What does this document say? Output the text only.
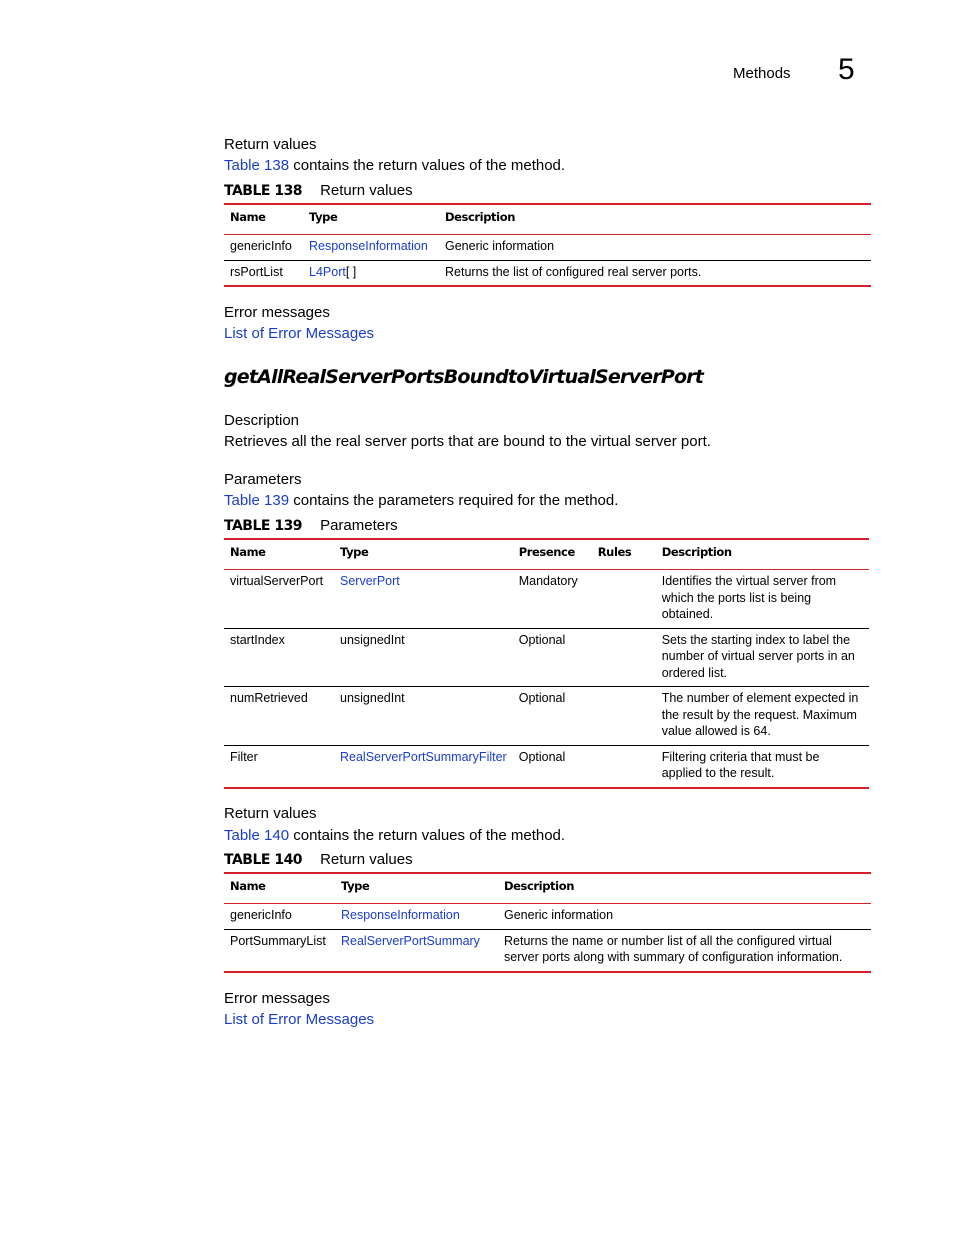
Methods 5
Return values
Table 138 contains the return values of the method.
TABLE 138 Return values
Name	Type	Description
genericInfo	ResponseInformation	Generic information
rsPortList	L4Port[ ]	Returns the list of configured real server ports.
Error messages
List of Error Messages
getAllRealServerPortsBoundtoVirtualServerPort
Description
Retrieves all the real server ports that are bound to the virtual server port.
Parameters
Table 139 contains the parameters required for the method.
TABLE 139 Parameters
Name	Type	Presence	Rules	Description
virtualServerPort	ServerPort	Mandatory		Identifies the virtual server from which the ports list is being obtained.
startIndex	unsignedInt	Optional		Sets the starting index to label the number of virtual server ports in an ordered list.
numRetrieved	unsignedInt	Optional		The number of element expected in the result by the request. Maximum value allowed is 64.
Filter	RealServerPortSummaryFilter	Optional		Filtering criteria that must be applied to the result.
Return values
Table 140 contains the return values of the method.
TABLE 140 Return values
Name	Type	Description
genericInfo	ResponseInformation	Generic information
PortSummaryList	RealServerPortSummary	Returns the name or number list of all the configured virtual server ports along with summary of configuration information.
Error messages
List of Error Messages
